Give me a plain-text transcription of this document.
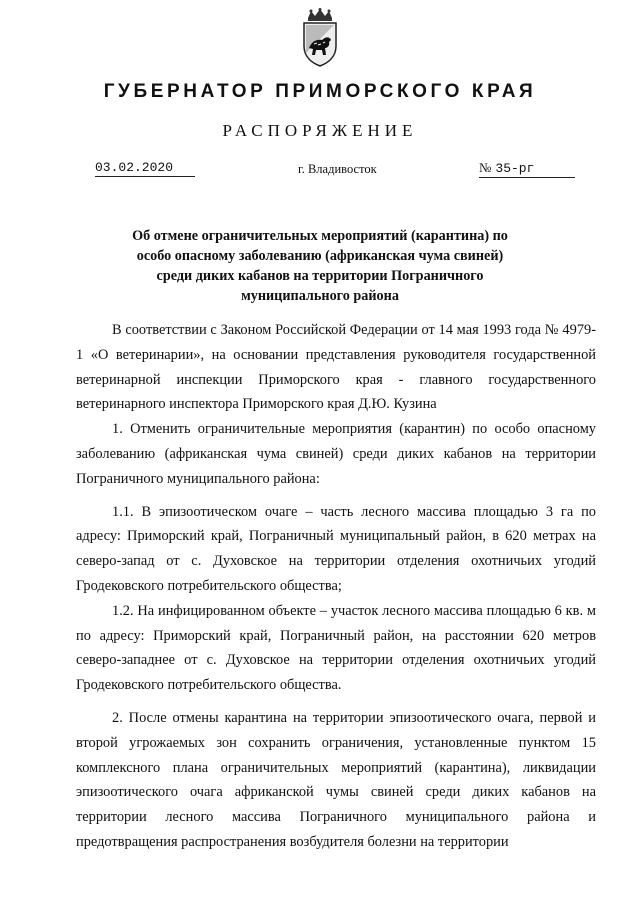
ГУБЕРНАТОР ПРИМОРСКОГО КРАЯ
РАСПОРЯЖЕНИЕ
03.02.2020	г. Владивосток	№ 35-рг
Об отмене ограничительных мероприятий (карантина) по особо опасному заболеванию (африканская чума свиней) среди диких кабанов на территории Пограничного муниципального района

В соответствии с Законом Российской Федерации от 14 мая 1993 года № 4979-1 «О ветеринарии», на основании представления руководителя государственной ветеринарной инспекции Приморского края - главного государственного ветеринарного инспектора Приморского края Д.Ю. Кузина

1. Отменить ограничительные мероприятия (карантин) по особо опасному заболеванию (африканская чума свиней) среди диких кабанов на территории Пограничного муниципального района:

1.1. В эпизоотическом очаге – часть лесного массива площадью 3 га по адресу: Приморский край, Пограничный муниципальный район, в 620 метрах на северо-запад от с. Духовское на территории отделения охотничьих угодий Гродековского потребительского общества;

1.2. На инфицированном объекте – участок лесного массива площадью 6 кв. м по адресу: Приморский край, Пограничный район, на расстоянии 620 метров северо-западнее от с. Духовское на территории отделения охотничьих угодий Гродековского потребительского общества.

2. После отмены карантина на территории эпизоотического очага, первой и второй угрожаемых зон сохранить ограничения, установленные пунктом 15 комплексного плана ограничительных мероприятий (карантина), ликвидации эпизоотического очага африканской чумы свиней среди диких кабанов на территории лесного массива Пограничного муниципального района и предотвращения распространения возбудителя болезни на территории
